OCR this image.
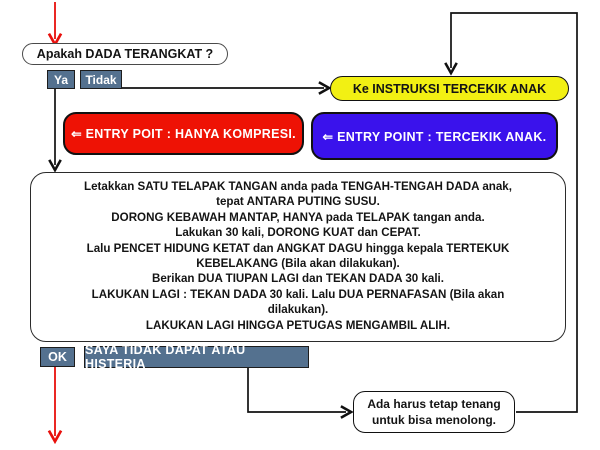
Apakah DADA TERANGKAT ?
Ya Tidak
Ke INSTRUKSI TERCEKIK ANAK
⇐ ENTRY POIT : HANYA KOMPRESI. ⇐ ENTRY POINT : TERCEKIK ANAK.
Letakkan SATU TELAPAK TANGAN anda pada TENGAH-TENGAH DADA anak,
tepat ANTARA PUTING SUSU.
DORONG KEBAWAH MANTAP, HANYA pada TELAPAK tangan anda.
Lakukan 30 kali, DORONG KUAT dan CEPAT.
Lalu PENCET HIDUNG KETAT dan ANGKAT DAGU hingga kepala TERTEKUK
KEBELAKANG (Bila akan dilakukan).
Berikan DUA TIUPAN LAGI dan TEKAN DADA 30 kali.
LAKUKAN LAGI : TEKAN DADA 30 kali. Lalu DUA PERNAFASAN (Bila akan
dilakukan).
LAKUKAN LAGI HINGGA PETUGAS MENGAMBIL ALIH.
OK SAYA TIDAK DAPAT ATAU HISTERIA
Ada harus tetap tenang
untuk bisa menolong.
